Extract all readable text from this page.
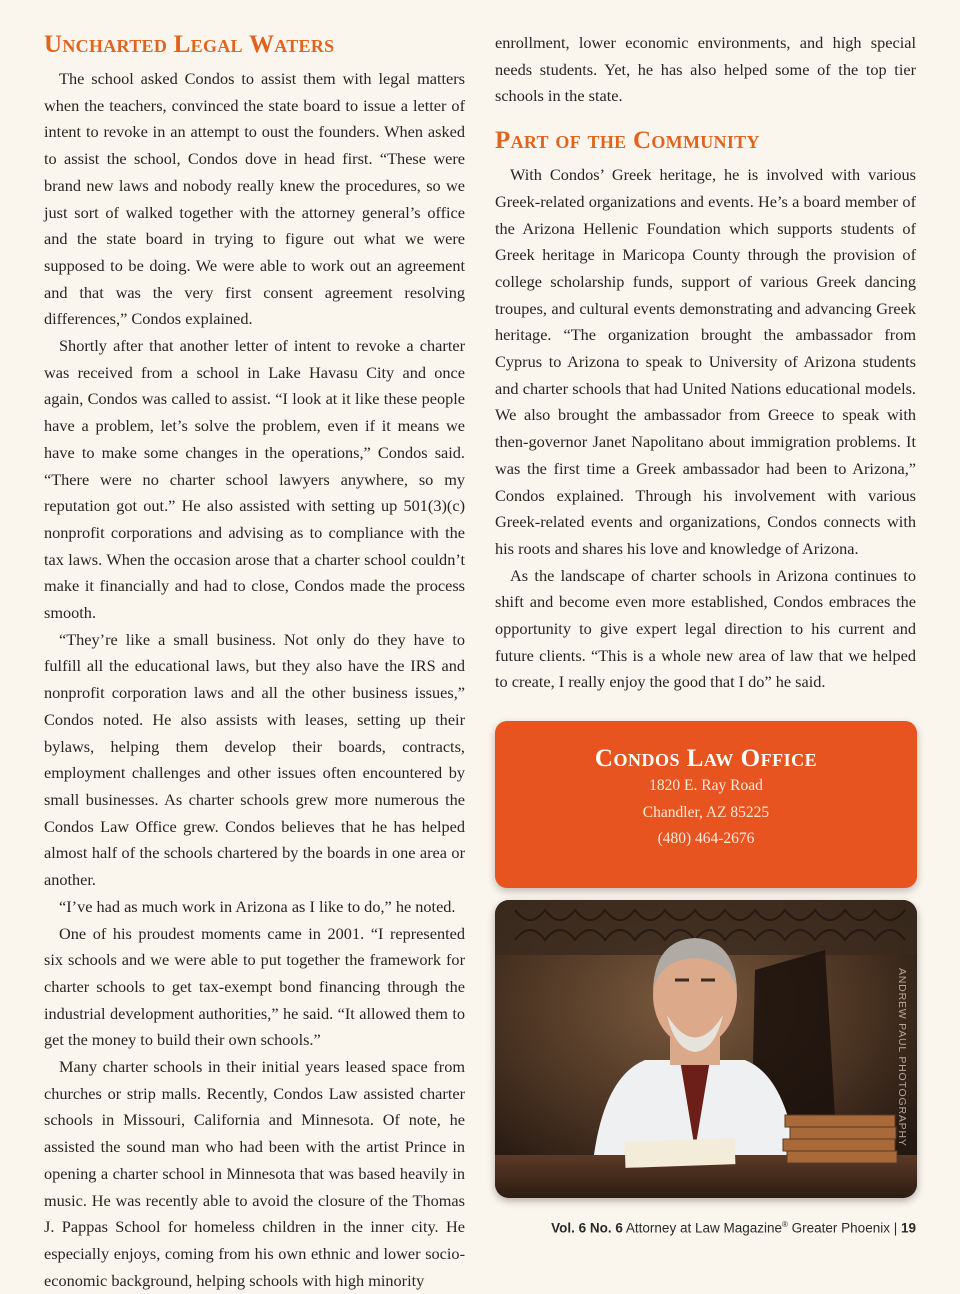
Uncharted Legal Waters

The school asked Condos to assist them with legal matters when the teachers, convinced the state board to issue a letter of intent to revoke in an attempt to oust the founders. When asked to assist the school, Condos dove in head first. “These were brand new laws and nobody really knew the procedures, so we just sort of walked together with the attorney general’s office and the state board in trying to figure out what we were supposed to be doing. We were able to work out an agreement and that was the very first consent agreement resolving differences,” Condos explained.

Shortly after that another letter of intent to revoke a charter was received from a school in Lake Havasu City and once again, Condos was called to assist. “I look at it like these people have a problem, let’s solve the problem, even if it means we have to make some changes in the operations,” Condos said. “There were no charter school lawyers anywhere, so my reputation got out.” He also assisted with setting up 501(3)(c) nonprofit corporations and advising as to compliance with the tax laws. When the occasion arose that a charter school couldn’t make it financially and had to close, Condos made the process smooth.

“They’re like a small business. Not only do they have to fulfill all the educational laws, but they also have the IRS and nonprofit corporation laws and all the other business issues,” Condos noted. He also assists with leases, setting up their bylaws, helping them develop their boards, contracts, employment challenges and other issues often encountered by small businesses. As charter schools grew more numerous the Condos Law Office grew. Condos believes that he has helped almost half of the schools chartered by the boards in one area or another.

“I’ve had as much work in Arizona as I like to do,” he noted.

One of his proudest moments came in 2001. “I represented six schools and we were able to put together the framework for charter schools to get tax-exempt bond financing through the industrial development authorities,” he said. “It allowed them to get the money to build their own schools.”

Many charter schools in their initial years leased space from churches or strip malls. Recently, Condos Law assisted charter schools in Missouri, California and Minnesota. Of note, he assisted the sound man who had been with the artist Prince in opening a charter school in Minnesota that was based heavily in music. He was recently able to avoid the closure of the Thomas J. Pappas School for homeless children in the inner city. He especially enjoys, coming from his own ethnic and lower socio-economic background, helping schools with high minority

enrollment, lower economic environments, and high special needs students. Yet, he has also helped some of the top tier schools in the state.

Part of the Community

With Condos’ Greek heritage, he is involved with various Greek-related organizations and events. He’s a board member of the Arizona Hellenic Foundation which supports students of Greek heritage in Maricopa County through the provision of college scholarship funds, support of various Greek dancing troupes, and cultural events demonstrating and advancing Greek heritage. “The organization brought the ambassador from Cyprus to Arizona to speak to University of Arizona students and charter schools that had United Nations educational models. We also brought the ambassador from Greece to speak with then-governor Janet Napolitano about immigration problems. It was the first time a Greek ambassador had been to Arizona,” Condos explained. Through his involvement with various Greek-related events and organizations, Condos connects with his roots and shares his love and knowledge of Arizona.

As the landscape of charter schools in Arizona continues to shift and become even more established, Condos embraces the opportunity to give expert legal direction to his current and future clients. “This is a whole new area of law that we helped to create, I really enjoy the good that I do” he said.

Condos Law Office
1820 E. Ray Road
Chandler, AZ 85225
(480) 464-2676
ANDREW PAUL PHOTOGRAPHY
Vol. 6 No. 6 Attorney at Law Magazine® Greater Phoenix | 19
